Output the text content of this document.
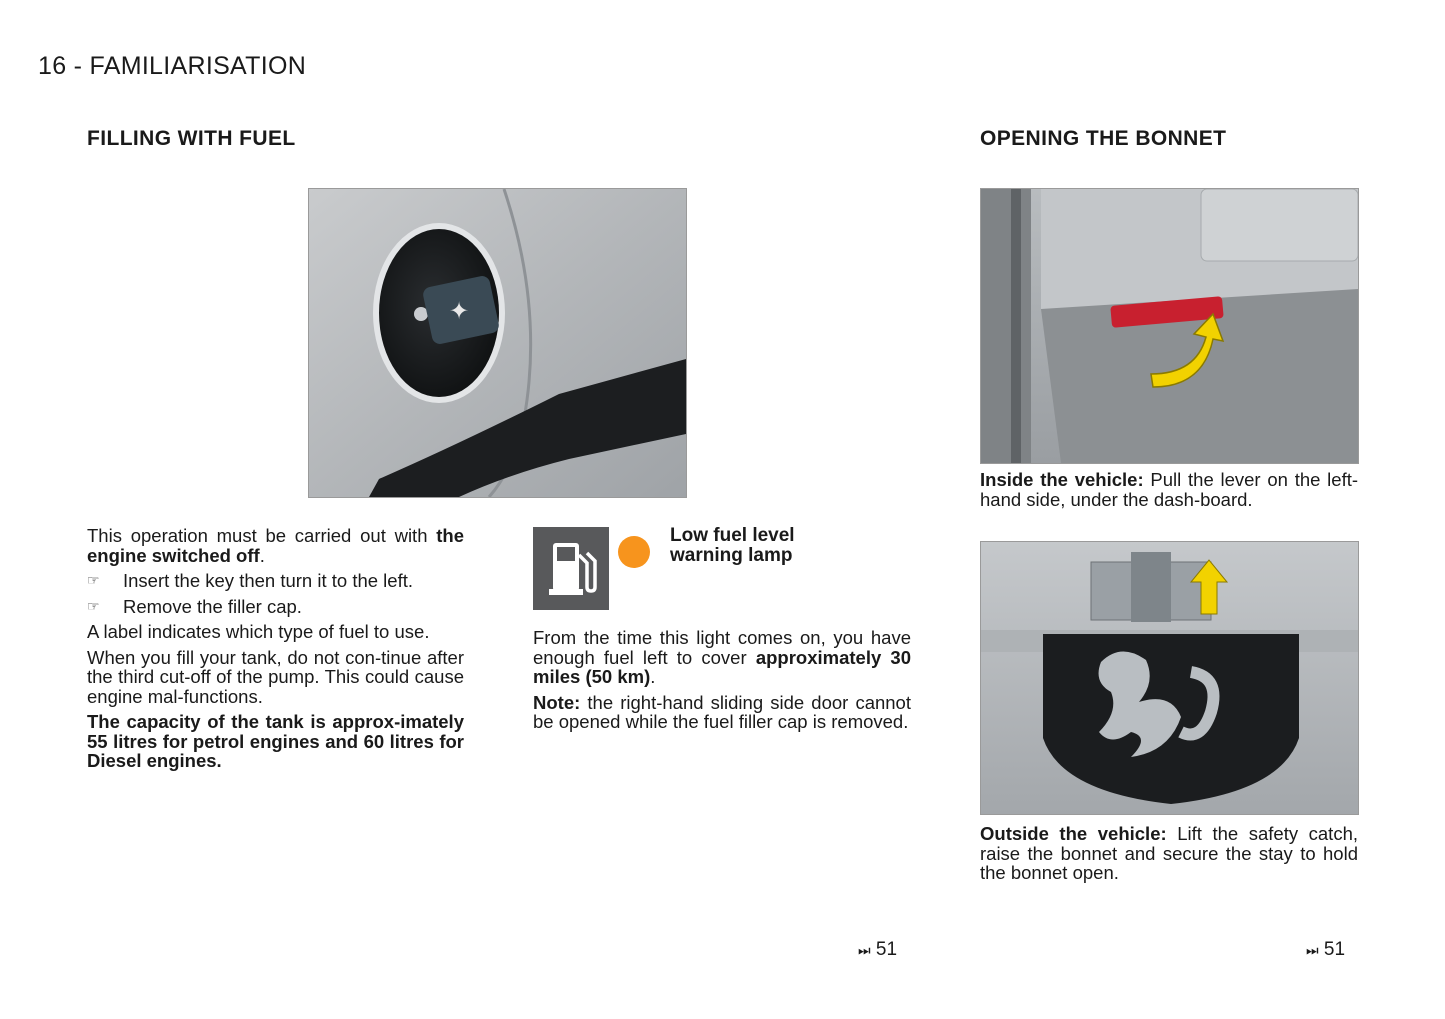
16 - FAMILIARISATION
FILLING WITH FUEL
✦

This operation must be carried out with the engine switched off.

☞ Insert the key then turn it to the left.
☞ Remove the filler cap.

A label indicates which type of fuel to use.

When you fill your tank, do not con-tinue after the third cut-off of the pump. This could cause engine mal-functions.

The capacity of the tank is approx-imately 55 litres for petrol engines and 60 litres for Diesel engines.

Low fuel level
warning lamp

From the time this light comes on, you have enough fuel left to cover approximately 30 miles (50 km).

Note: the right-hand sliding side door cannot be opened while the fuel filler cap is removed.

⏭ 51
OPENING THE BONNET

Inside the vehicle: Pull the lever on the left-hand side, under the dash-board.

Outside the vehicle: Lift the safety catch, raise the bonnet and secure the stay to hold the bonnet open.

⏭ 51
